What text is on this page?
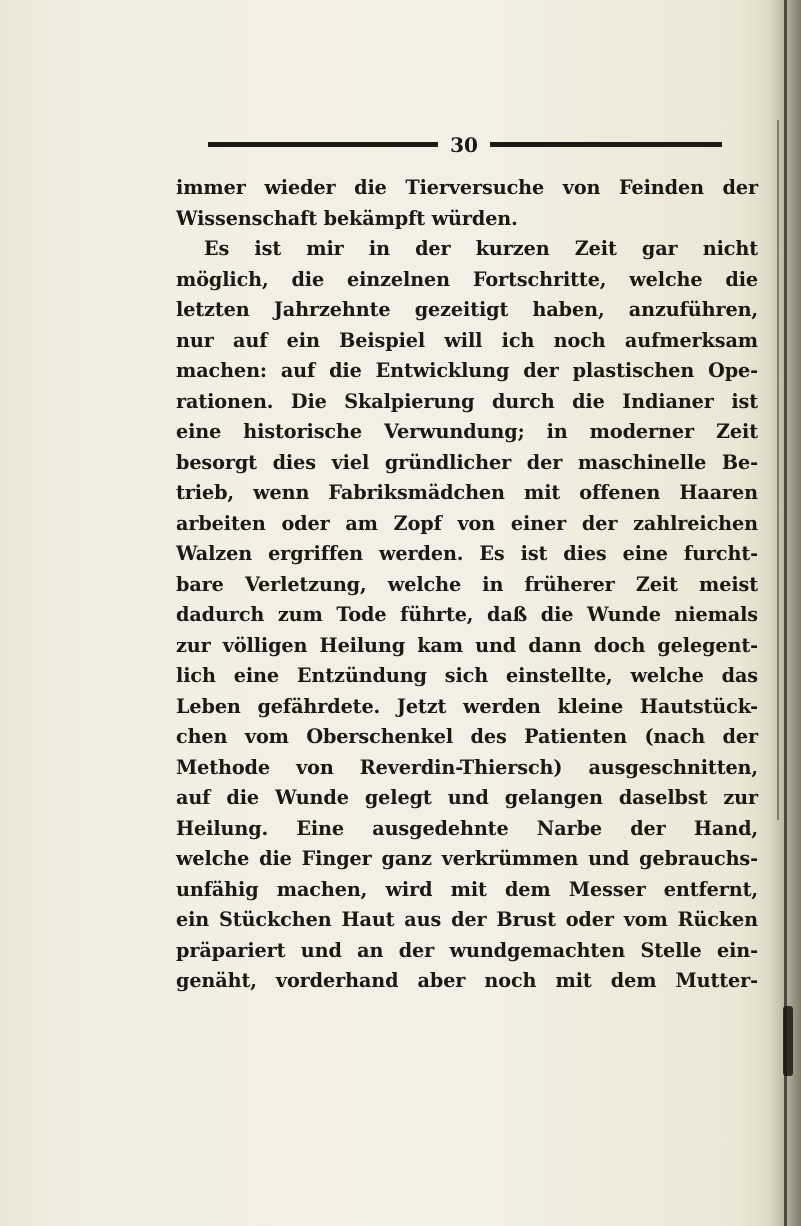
30
immer wieder die Tierversuche von Feinden der
Wissenschaft bekämpft würden.
Es ist mir in der kurzen Zeit gar nicht
möglich, die einzelnen Fortschritte, welche die
letzten Jahrzehnte gezeitigt haben, anzuführen,
nur auf ein Beispiel will ich noch aufmerksam
machen: auf die Entwicklung der plastischen Ope-
rationen. Die Skalpierung durch die Indianer ist
eine historische Verwundung; in moderner Zeit
besorgt dies viel gründlicher der maschinelle Be-
trieb, wenn Fabriksmädchen mit offenen Haaren
arbeiten oder am Zopf von einer der zahlreichen
Walzen ergriffen werden. Es ist dies eine furcht-
bare Verletzung, welche in früherer Zeit meist
dadurch zum Tode führte, daß die Wunde niemals
zur völligen Heilung kam und dann doch gelegent-
lich eine Entzündung sich einstellte, welche das
Leben gefährdete. Jetzt werden kleine Hautstück-
chen vom Oberschenkel des Patienten (nach der
Methode von Reverdin-Thiersch) ausgeschnitten,
auf die Wunde gelegt und gelangen daselbst zur
Heilung. Eine ausgedehnte Narbe der Hand,
welche die Finger ganz verkrümmen und gebrauchs-
unfähig machen, wird mit dem Messer entfernt,
ein Stückchen Haut aus der Brust oder vom Rücken
präpariert und an der wundgemachten Stelle ein-
genäht, vorderhand aber noch mit dem Mutter-
